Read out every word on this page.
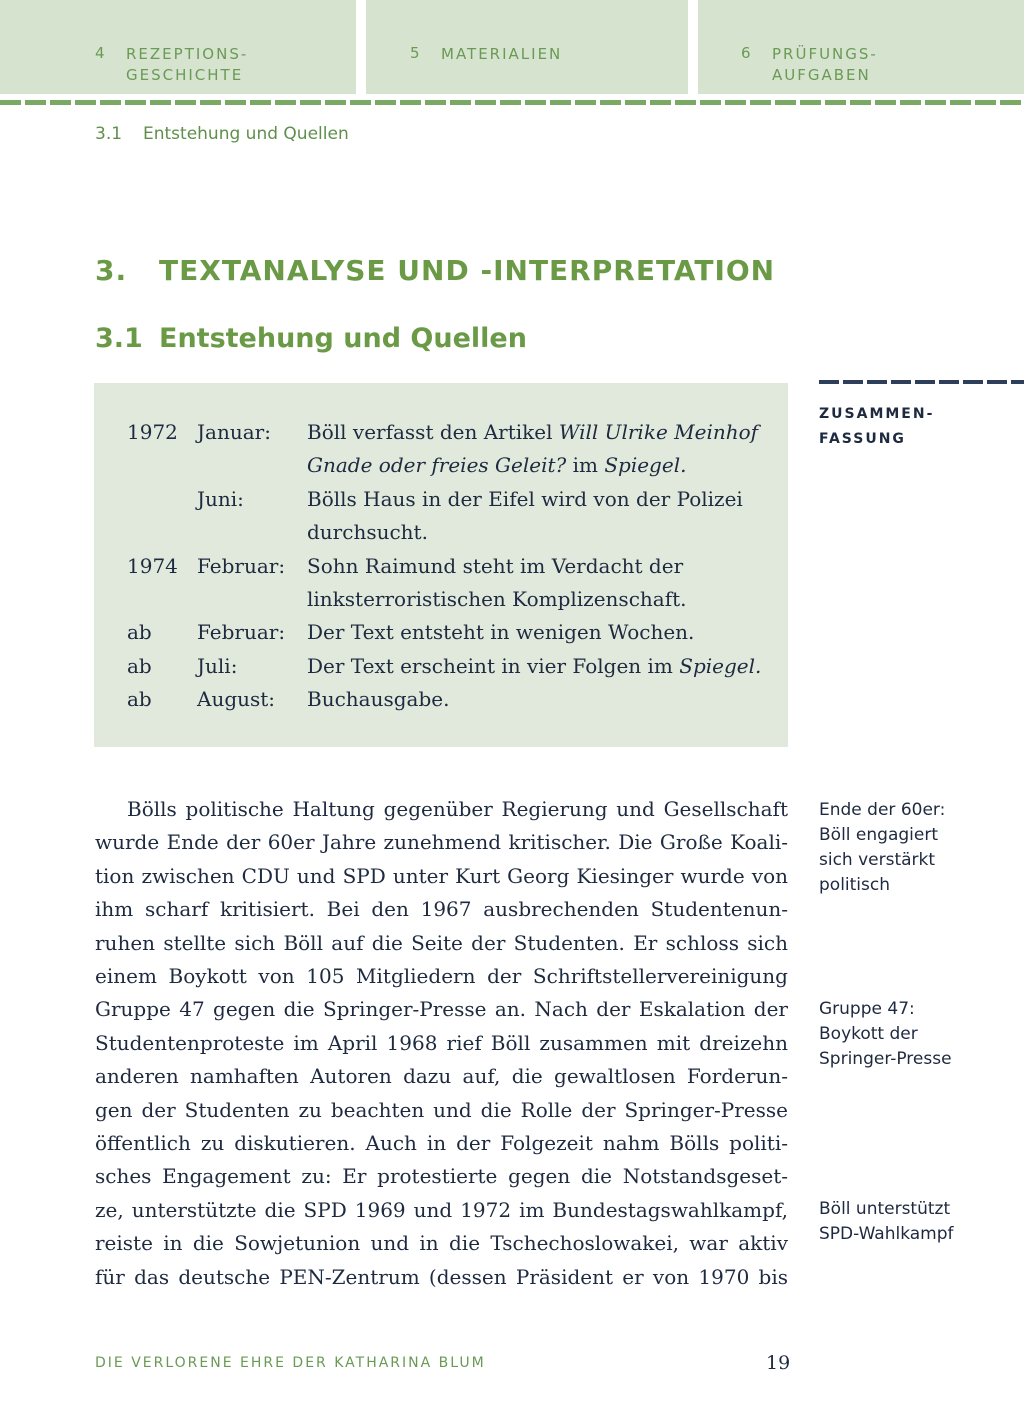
4 REZEPTIONS-
GESCHICHTE
5 MATERIALIEN	6 PRÜFUNGS-
AUFGABEN
3.1 Entstehung und Quellen
3. TEXTANALYSE UND -INTERPRETATION
3.1 Entstehung und Quellen
1972 Januar: Böll verfasst den Artikel Will Ulrike Meinhof
Gnade oder freies Geleit? im Spiegel.
Juni:	Bölls Haus in der Eifel wird von der Polizei
durchsucht.
1974 Februar: Sohn Raimund steht im Verdacht der
linksterroristischen Komplizenschaft.
ab Februar: Der Text entsteht in wenigen Wochen.
ab Juli:	Der Text erscheint in vier Folgen im Spiegel.
ab August: Buchausgabe.
ZUSAMMEN-
FASSUNG
Bölls politische Haltung gegenüber Regierung und Gesellschaft
wurde Ende der 60er Jahre zunehmend kritischer. Die Große Koali-
tion zwischen CDU und SPD unter Kurt Georg Kiesinger wurde von
ihm scharf kritisiert. Bei den 1967 ausbrechenden Studentenun-
ruhen stellte sich Böll auf die Seite der Studenten. Er schloss sich
einem Boykott von 105 Mitgliedern der Schriftstellervereinigung
Gruppe 47 gegen die Springer-Presse an. Nach der Eskalation der
Studentenproteste im April 1968 rief Böll zusammen mit dreizehn
anderen namhaften Autoren dazu auf, die gewaltlosen Forderun-
gen der Studenten zu beachten und die Rolle der Springer-Presse
öffentlich zu diskutieren. Auch in der Folgezeit nahm Bölls politi-
sches Engagement zu: Er protestierte gegen die Notstandsgeset-
ze, unterstützte die SPD 1969 und 1972 im Bundestagswahlkampf,
reiste in die Sowjetunion und in die Tschechoslowakei, war aktiv
für das deutsche PEN-Zentrum (dessen Präsident er von 1970 bis
Ende der 60er:
Böll engagiert
sich verstärkt
politisch
Gruppe 47:
Boykott der
Springer-Presse
Böll unterstützt
SPD-Wahlkampf
DIE VERLORENE EHRE DER KATHARINA BLUM	19
